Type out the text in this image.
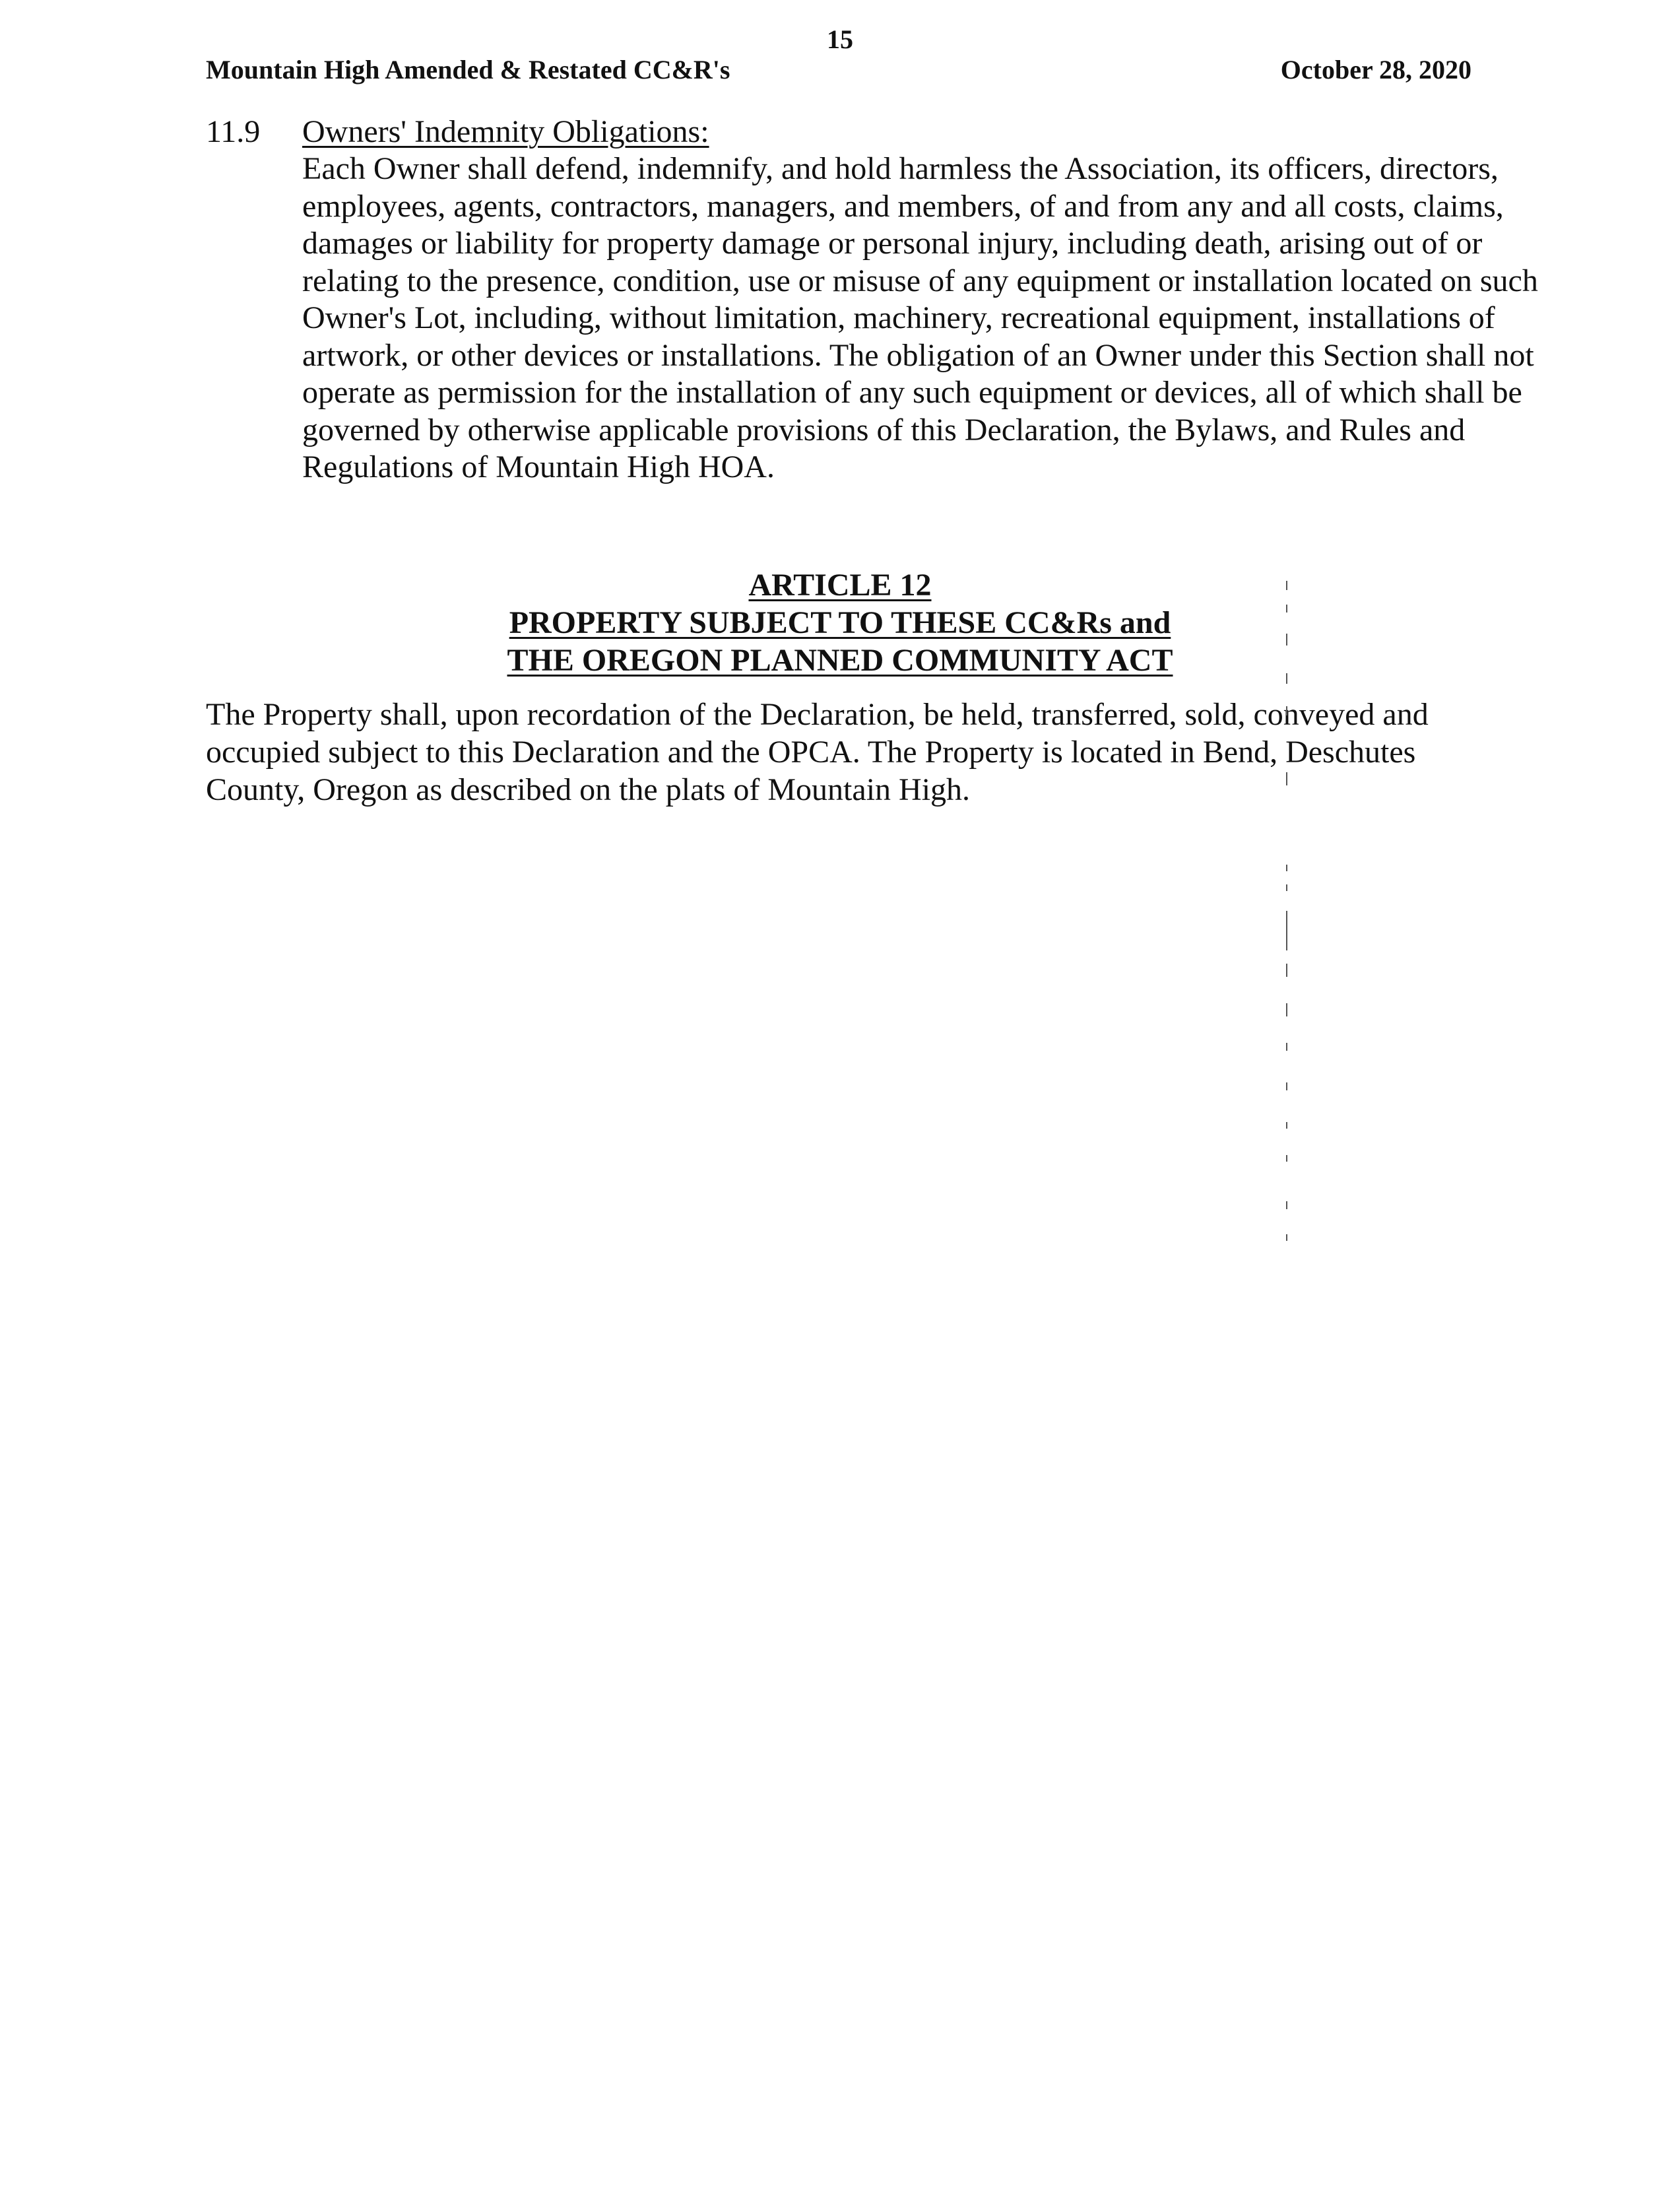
15
Mountain High Amended & Restated CC&R's	October 28, 2020
11.9 Owners' Indemnity Obligations:

Each Owner shall defend, indemnify, and hold harmless the Association, its officers, directors, employees, agents, contractors, managers, and members, of and from any and all costs, claims, damages or liability for property damage or personal injury, including death, arising out of or relating to the presence, condition, use or misuse of any equipment or installation located on such Owner's Lot, including, without limitation, machinery, recreational equipment, installations of artwork, or other devices or installations. The obligation of an Owner under this Section shall not operate as permission for the installation of any such equipment or devices, all of which shall be governed by otherwise applicable provisions of this Declaration, the Bylaws, and Rules and Regulations of Mountain High HOA.

ARTICLE 12
PROPERTY SUBJECT TO THESE CC&Rs and
THE OREGON PLANNED COMMUNITY ACT

The Property shall, upon recordation of the Declaration, be held, transferred, sold, conveyed and occupied subject to this Declaration and the OPCA. The Property is located in Bend, Deschutes County, Oregon as described on the plats of Mountain High.
